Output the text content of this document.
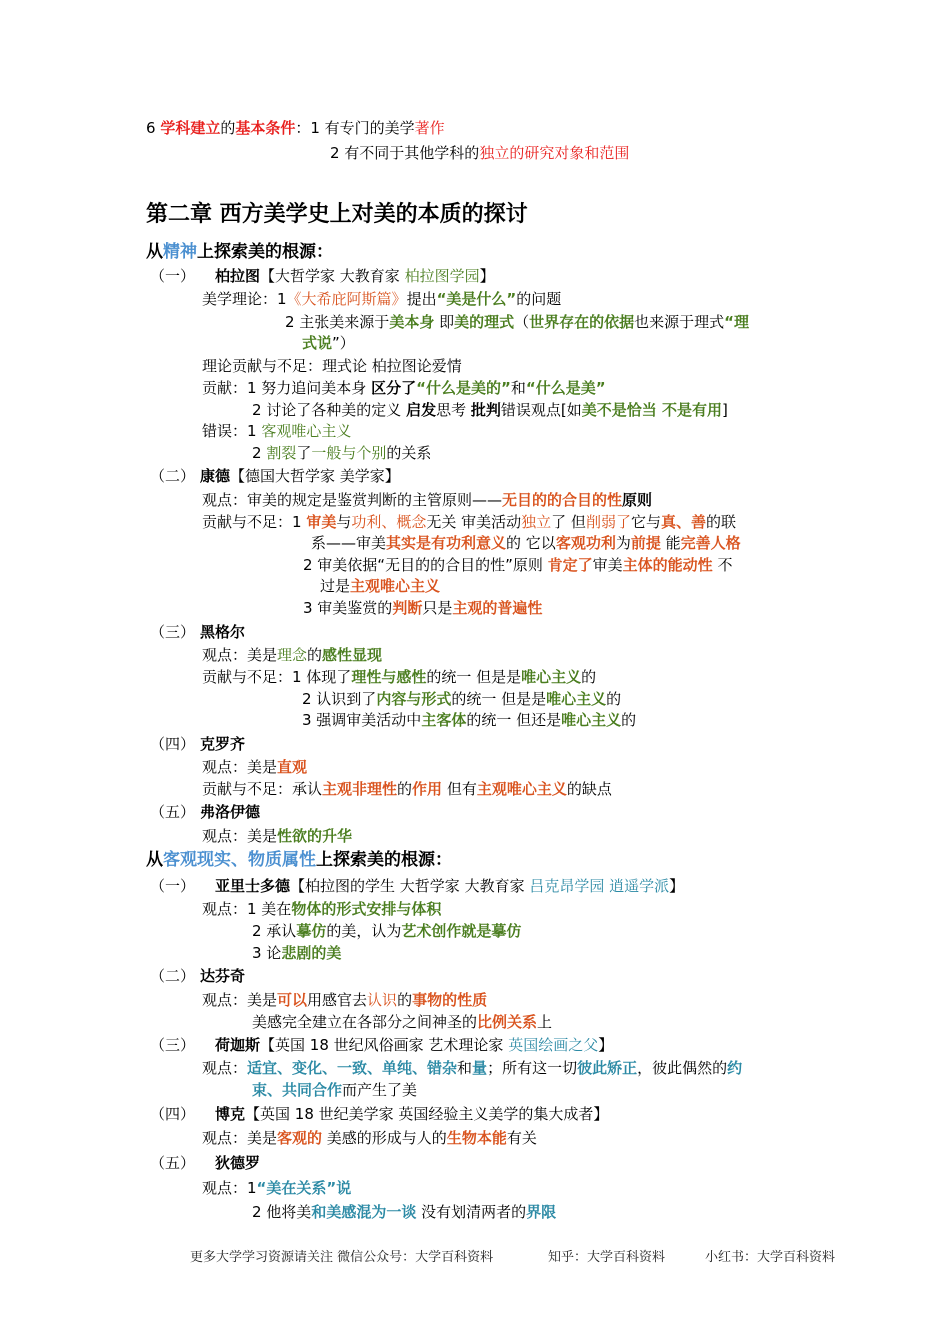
6 学科建立的基本条件：1 有专门的美学著作
2 有不同于其他学科的独立的研究对象和范围
第二章 西方美学史上对美的本质的探讨
从精神上探索美的根源：
（一） 柏拉图【大哲学家 大教育家 柏拉图学园】
美学理论：1《大希庇阿斯篇》提出“美是什么”的问题
2 主张美来源于美本身 即美的理式（世界存在的依据也来源于理式“理
式说”）
理论贡献与不足：理式论 柏拉图论爱情
贡献：1 努力追问美本身 区分了“什么是美的”和“什么是美”
2 讨论了各种美的定义 启发思考 批判错误观点[如美不是恰当 不是有用]
错误：1 客观唯心主义
2 割裂了一般与个别的关系
（二） 康德【德国大哲学家 美学家】
观点：审美的规定是鉴赏判断的主管原则——无目的的合目的性原则
贡献与不足：1 审美与功利、概念无关 审美活动独立了 但削弱了它与真、善的联
系——审美其实是有功利意义的 它以客观功利为前提 能完善人格
2 审美依据“无目的的合目的性”原则 肯定了审美主体的能动性 不
过是主观唯心主义
3 审美鉴赏的判断只是主观的普遍性
（三） 黑格尔
观点：美是理念的感性显现
贡献与不足：1 体现了理性与感性的统一 但是是唯心主义的
2 认识到了内容与形式的统一 但是是唯心主义的
3 强调审美活动中主客体的统一 但还是唯心主义的
（四） 克罗齐
观点：美是直观
贡献与不足：承认主观非理性的作用 但有主观唯心主义的缺点
（五） 弗洛伊德
观点：美是性欲的升华
从客观现实、物质属性上探索美的根源：
（一） 亚里士多德【柏拉图的学生 大哲学家 大教育家 吕克昂学园 逍遥学派】
观点：1 美在物体的形式安排与体积
2 承认摹仿的美，认为艺术创作就是摹仿
3 论悲剧的美
（二） 达芬奇
观点：美是可以用感官去认识的事物的性质
美感完全建立在各部分之间神圣的比例关系上
（三） 荷迦斯【英国 18 世纪风俗画家 艺术理论家 英国绘画之父】
观点：适宜、变化、一致、单纯、错杂和量；所有这一切彼此矫正，彼此偶然的约
束、共同合作而产生了美
（四） 博克【英国 18 世纪美学家 英国经验主义美学的集大成者】
观点：美是客观的 美感的形成与人的生物本能有关
（五） 狄德罗
观点：1“美在关系”说
2 他将美和美感混为一谈 没有划清两者的界限
更多大学学习资源请关注 微信公众号：大学百科资料	知乎：大学百科资料	小红书：大学百科资料
